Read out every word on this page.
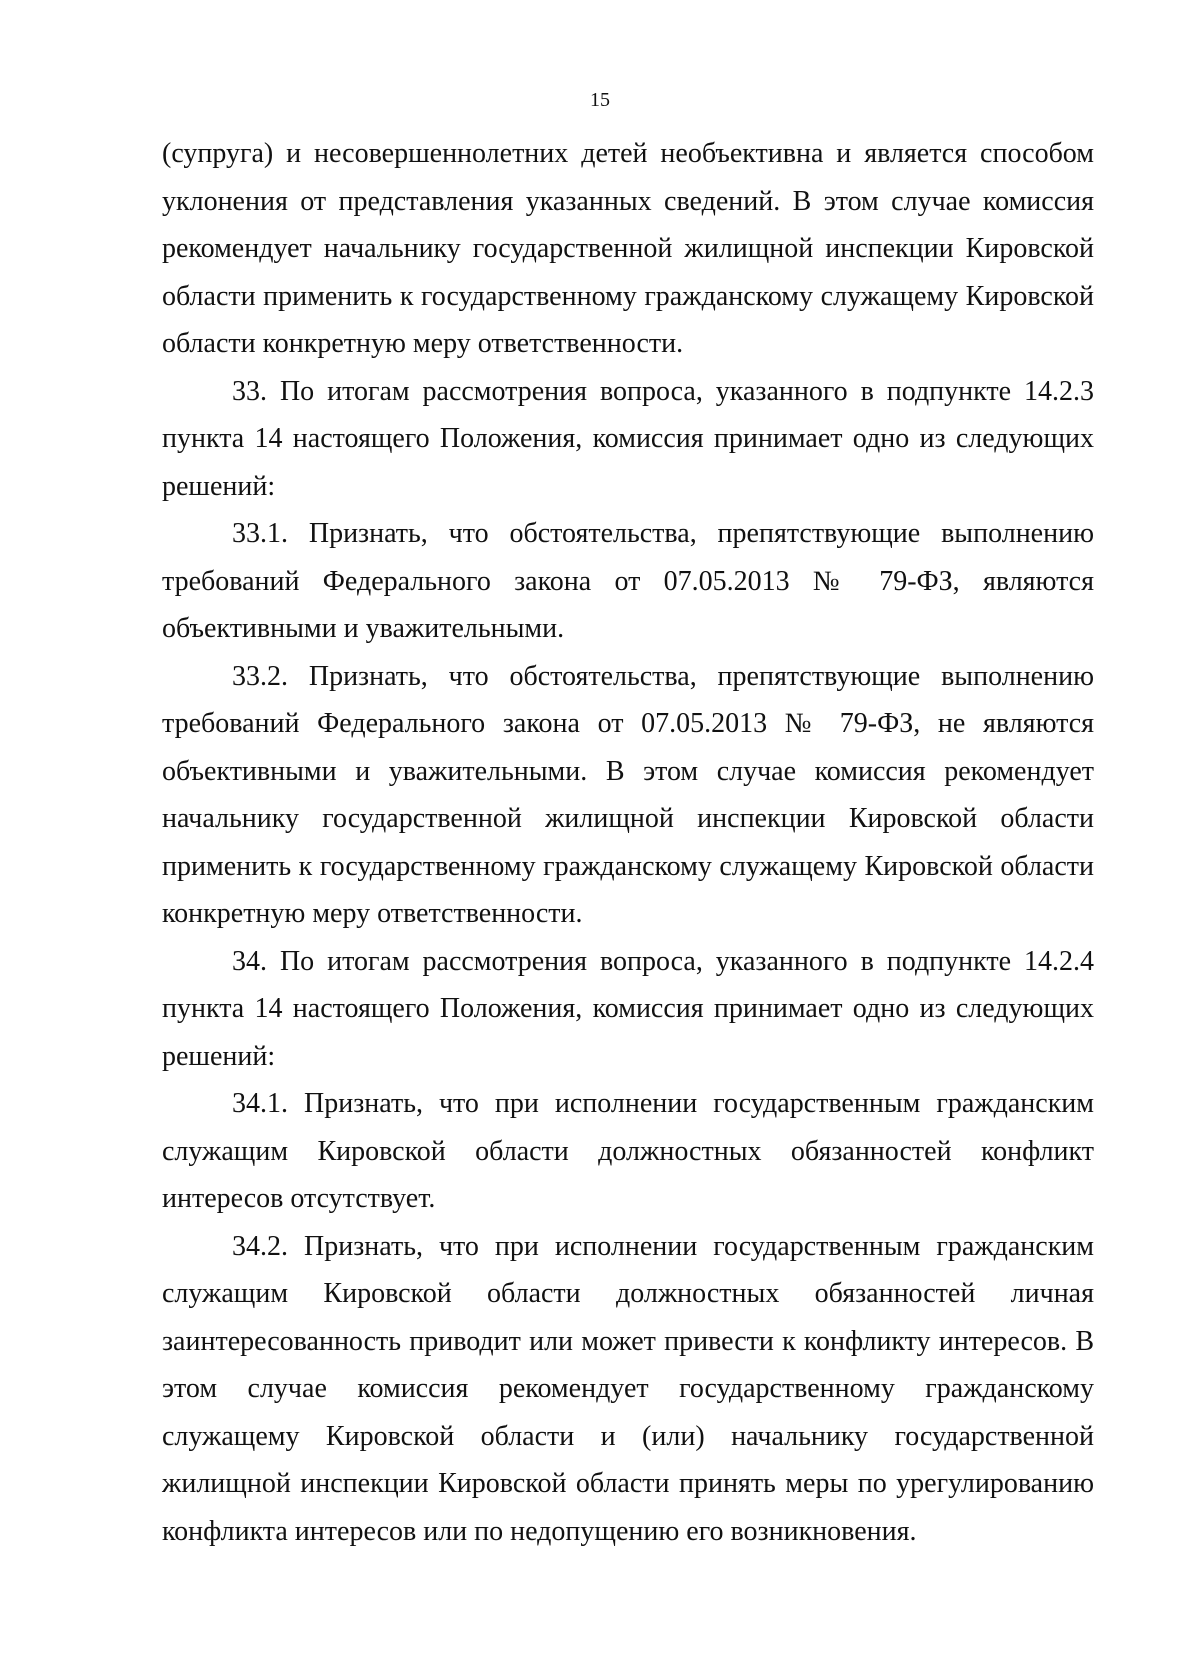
15

(супруга) и несовершеннолетних детей необъективна и является способом уклонения от представления указанных сведений. В этом случае комиссия рекомендует начальнику государственной жилищной инспекции Кировской области применить к государственному гражданскому служащему Кировской области конкретную меру ответственности.

33. По итогам рассмотрения вопроса, указанного в подпункте 14.2.3 пункта 14 настоящего Положения, комиссия принимает одно из следующих решений:

33.1. Признать, что обстоятельства, препятствующие выполнению требований Федерального закона от 07.05.2013 № 79-ФЗ, являются объективными и уважительными.

33.2. Признать, что обстоятельства, препятствующие выполнению требований Федерального закона от 07.05.2013 № 79-ФЗ, не являются объективными и уважительными. В этом случае комиссия рекомендует начальнику государственной жилищной инспекции Кировской области применить к государственному гражданскому служащему Кировской области конкретную меру ответственности.

34. По итогам рассмотрения вопроса, указанного в подпункте 14.2.4 пункта 14 настоящего Положения, комиссия принимает одно из следующих решений:

34.1. Признать, что при исполнении государственным гражданским служащим Кировской области должностных обязанностей конфликт интересов отсутствует.

34.2. Признать, что при исполнении государственным гражданским служащим Кировской области должностных обязанностей личная заинтересованность приводит или может привести к конфликту интересов. В этом случае комиссия рекомендует государственному гражданскому служащему Кировской области и (или) начальнику государственной жилищной инспекции Кировской области принять меры по урегулированию конфликта интересов или по недопущению его возникновения.
